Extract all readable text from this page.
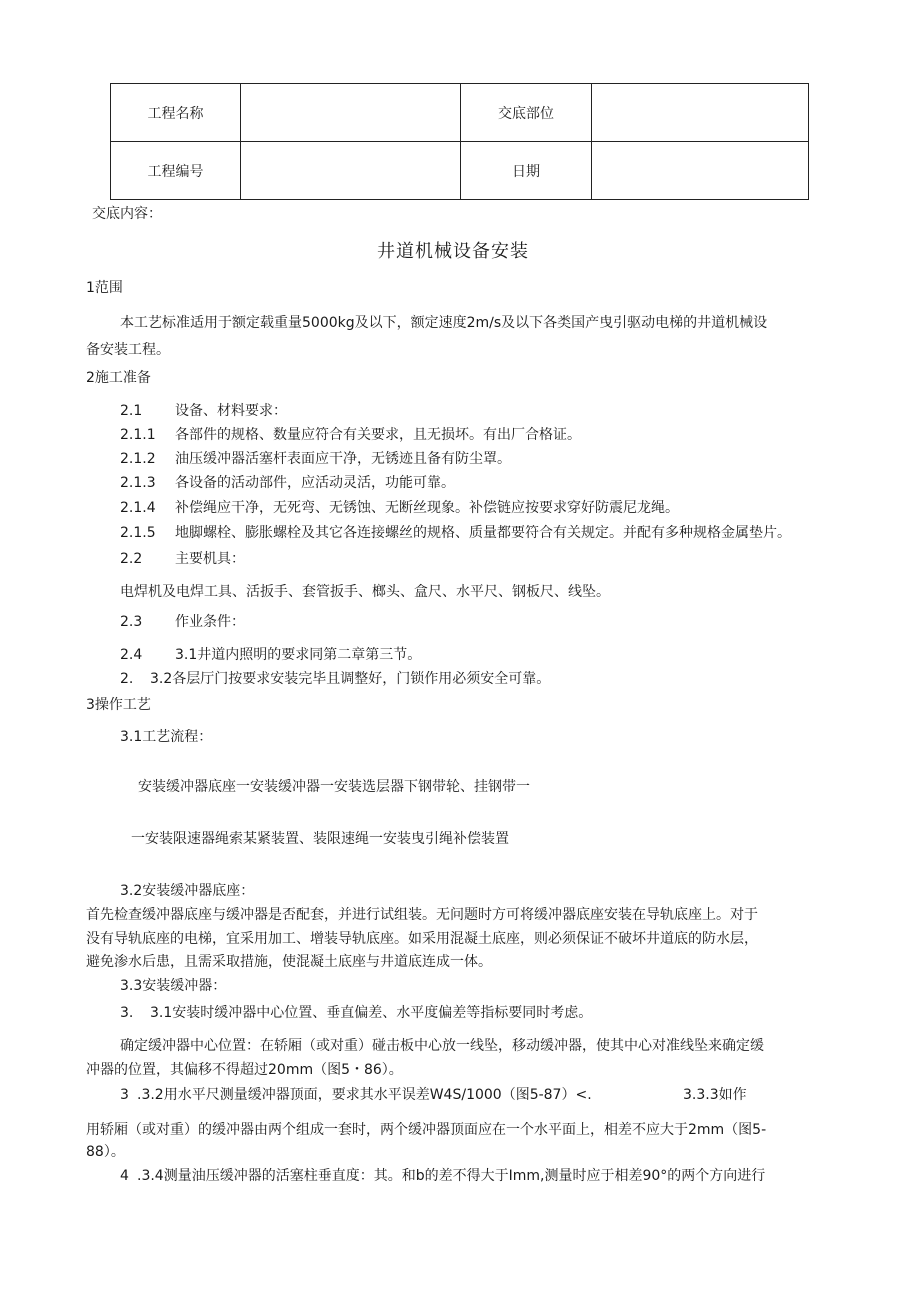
工程名称		交底部位	
工程编号		日期	
交底内容：
井道机械设备安装
1范围
本工艺标准适用于额定载重量5000kg及以下，额定速度2m∕s及以下各类国产曳引驱动电梯的井道机械设
备安装工程。
2施工准备
2.1 设备、材料要求：
2.1.1 各部件的规格、数量应符合有关要求，且无损坏。有出厂合格证。
2.1.2 油压缓冲器活塞杆表面应干净，无锈迹且备有防尘罩。
2.1.3 各设备的活动部件，应活动灵活，功能可靠。
2.1.4 补偿绳应干净，无死弯、无锈蚀、无断丝现象。补偿链应按要求穿好防震尼龙绳。
2.1.5 地脚螺栓、膨胀螺栓及其它各连接螺丝的规格、质量都要符合有关规定。并配有多种规格金属垫片。
2.2 主要机具：
电焊机及电焊工具、活扳手、套管扳手、榔头、盒尺、水平尺、钢板尺、线坠。
2.3 作业条件：
2.4 3.1井道内照明的要求同第二章第三节。
2. 3.2各层厅门按要求安装完毕且调整好，门锁作用必须安全可靠。
3操作工艺
3.1工艺流程：
安装缓冲器底座一安装缓冲器一安装选层器下钢带轮、挂钢带一
一安装限速器绳索某紧装置、装限速绳一安装曳引绳补偿装置
3.2安装缓冲器底座：
首先检查缓冲器底座与缓冲器是否配套，并进行试组装。无问题时方可将缓冲器底座安装在导轨底座上。对于
没有导轨底座的电梯，宜采用加工、增装导轨底座。如采用混凝土底座，则必须保证不破坏井道底的防水层，
避免渗水后患，且需采取措施，使混凝土底座与井道底连成一体。
3.3安装缓冲器：
3. 3.1安装时缓冲器中心位置、垂直偏差、水平度偏差等指标要同时考虑。
确定缓冲器中心位置：在轿厢（或对重）碰击板中心放一线坠，移动缓冲器，使其中心对准线坠来确定缓
冲器的位置，其偏移不得超过20mm（图5・86）。
3 .3.2用水平尺测量缓冲器顶面，要求其水平误差W4S/1000（图5-87）<.	3.3.3如作
用轿厢（或对重）的缓冲器由两个组成一套时，两个缓冲器顶面应在一个水平面上，相差不应大于2mm（图5-
88）。
4 .3.4测量油压缓冲器的活塞柱垂直度：其。和b的差不得大于Imm,测量时应于相差90°的两个方向进行
